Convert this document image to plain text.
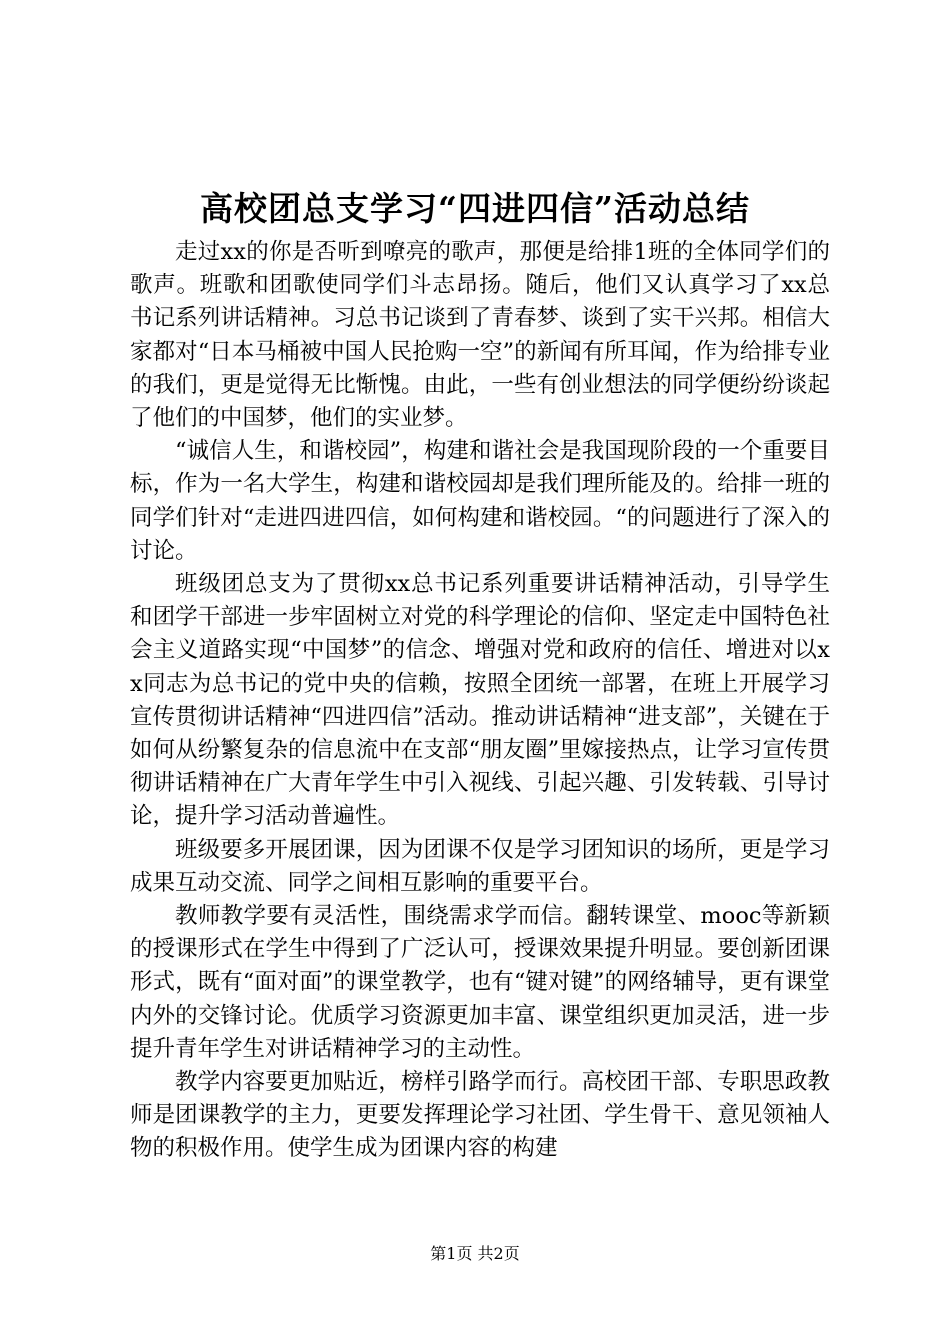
高校团总支学习“四进四信”活动总结

走过xx的你是否听到嘹亮的歌声，那便是给排1班的全体同学们的歌声。班歌和团歌使同学们斗志昂扬。随后，他们又认真学习了xx总书记系列讲话精神。习总书记谈到了青春梦、谈到了实干兴邦。相信大家都对“日本马桶被中国人民抢购一空”的新闻有所耳闻，作为给排专业的我们，更是觉得无比惭愧。由此，一些有创业想法的同学便纷纷谈起了他们的中国梦，他们的实业梦。

“诚信人生，和谐校园”，构建和谐社会是我国现阶段的一个重要目标，作为一名大学生，构建和谐校园却是我们理所能及的。给排一班的同学们针对“走进四进四信，如何构建和谐校园。“的问题进行了深入的讨论。

班级团总支为了贯彻xx总书记系列重要讲话精神活动，引导学生和团学干部进一步牢固树立对党的科学理论的信仰、坚定走中国特色社会主义道路实现“中国梦”的信念、增强对党和政府的信任、增进对以xx同志为总书记的党中央的信赖，按照全团统一部署，在班上开展学习宣传贯彻讲话精神“四进四信”活动。推动讲话精神“进支部”，关键在于如何从纷繁复杂的信息流中在支部“朋友圈”里嫁接热点，让学习宣传贯彻讲话精神在广大青年学生中引入视线、引起兴趣、引发转载、引导讨论，提升学习活动普遍性。

班级要多开展团课，因为团课不仅是学习团知识的场所，更是学习成果互动交流、同学之间相互影响的重要平台。

教师教学要有灵活性，围绕需求学而信。翻转课堂、mooc等新颖的授课形式在学生中得到了广泛认可，授课效果提升明显。要创新团课形式，既有“面对面”的课堂教学，也有“键对键”的网络辅导，更有课堂内外的交锋讨论。优质学习资源更加丰富、课堂组织更加灵活，进一步提升青年学生对讲话精神学习的主动性。

教学内容要更加贴近，榜样引路学而行。高校团干部、专职思政教师是团课教学的主力，更要发挥理论学习社团、学生骨干、意见领袖人物的积极作用。使学生成为团课内容的构建

第1页 共2页
